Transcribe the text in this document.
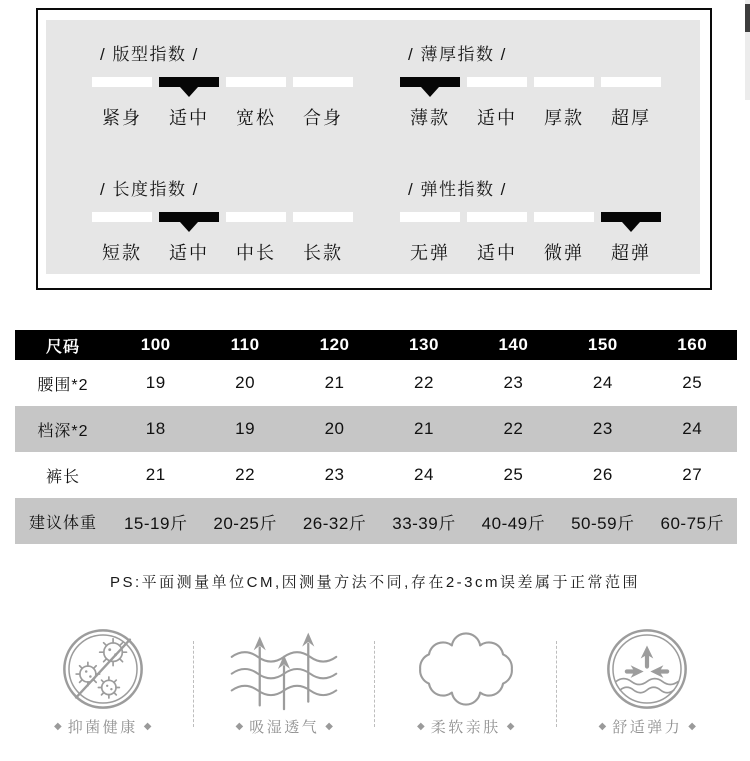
/ 版型指数 /
紧身	适中	宽松	合身
/ 薄厚指数 /
薄款	适中	厚款	超厚
/ 长度指数 /
短款	适中	中长	长款
/ 弹性指数 /
无弹	适中	微弹	超弹
尺码	100	110	120	130	140	150	160
腰围*2	19	20	21	22	23	24	25
档深*2	18	19	20	21	22	23	24
裤长	21	22	23	24	25	26	27
建议体重	15-19斤	20-25斤	26-32斤	33-39斤	40-49斤	50-59斤	60-75斤
PS:平面测量单位CM,因测量方法不同,存在2-3cm误差属于正常范围
◆ 抑菌健康 ◆	◆ 吸湿透气 ◆	◆ 柔软亲肤 ◆	◆ 舒适弹力 ◆
